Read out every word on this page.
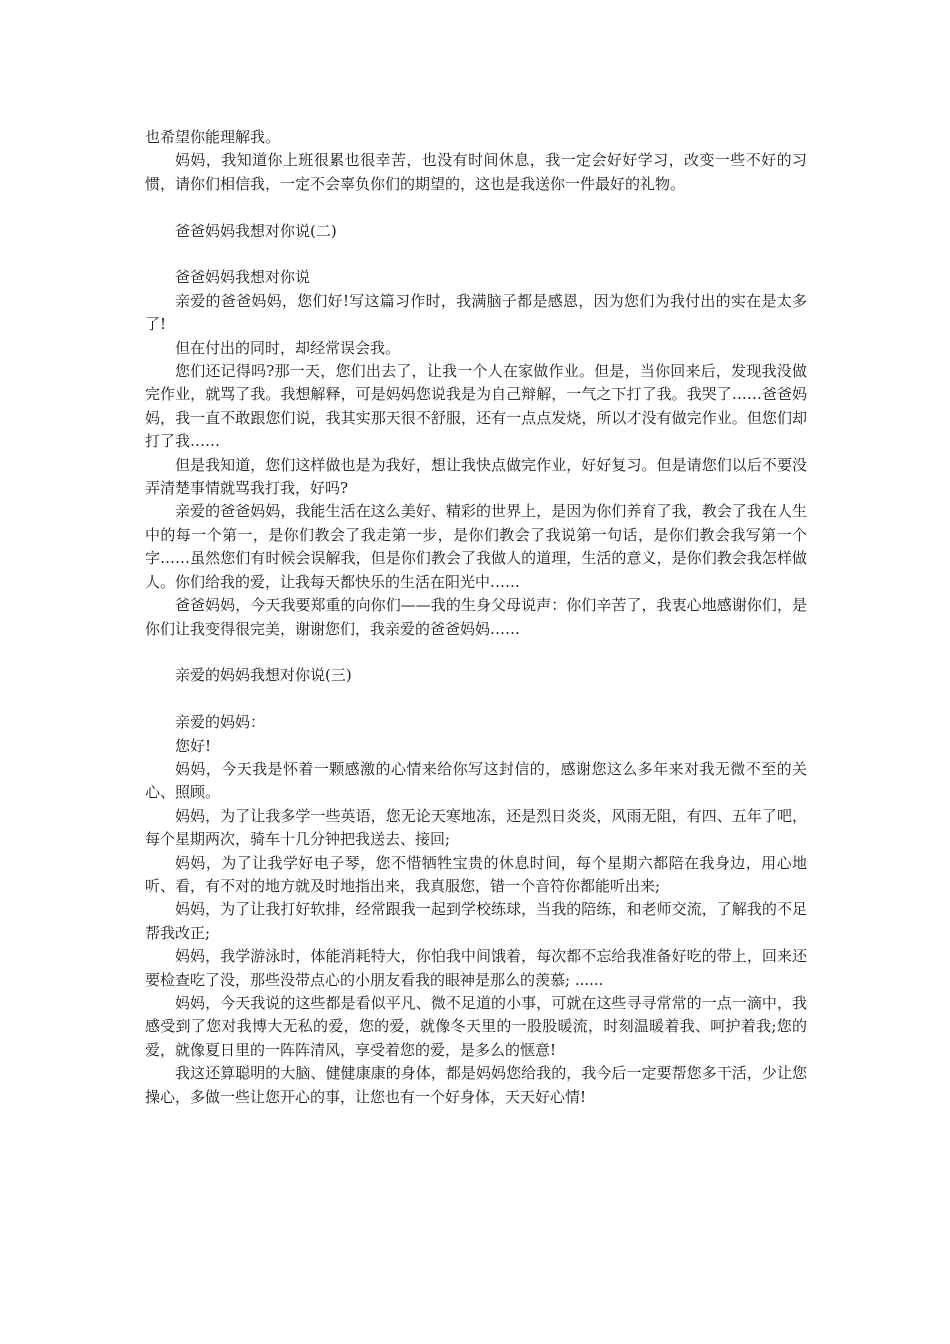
也希望你能理解我。

妈妈，我知道你上班很累也很幸苦，也没有时间休息，我一定会好好学习，改变一些不好的习惯，请你们相信我，一定不会辜负你们的期望的，这也是我送你一件最好的礼物。

爸爸妈妈我想对你说(二)

爸爸妈妈我想对你说

亲爱的爸爸妈妈，您们好!写这篇习作时，我满脑子都是感恩，因为您们为我付出的实在是太多了!

但在付出的同时，却经常误会我。

您们还记得吗?那一天，您们出去了，让我一个人在家做作业。但是，当你回来后，发现我没做完作业，就骂了我。我想解释，可是妈妈您说我是为自己辩解，一气之下打了我。我哭了……爸爸妈妈，我一直不敢跟您们说，我其实那天很不舒服，还有一点点发烧，所以才没有做完作业。但您们却打了我……

但是我知道，您们这样做也是为我好，想让我快点做完作业，好好复习。但是请您们以后不要没弄清楚事情就骂我打我，好吗?

亲爱的爸爸妈妈，我能生活在这么美好、精彩的世界上，是因为你们养育了我，教会了我在人生中的每一个第一，是你们教会了我走第一步，是你们教会了我说第一句话，是你们教会我写第一个字……虽然您们有时候会误解我，但是你们教会了我做人的道理，生活的意义，是你们教会我怎样做人。你们给我的爱，让我每天都快乐的生活在阳光中……

爸爸妈妈，今天我要郑重的向你们——我的生身父母说声：你们辛苦了，我衷心地感谢你们，是你们让我变得很完美，谢谢您们，我亲爱的爸爸妈妈……

亲爱的妈妈我想对你说(三)

亲爱的妈妈：

您好!

妈妈，今天我是怀着一颗感激的心情来给你写这封信的，感谢您这么多年来对我无微不至的关心、照顾。

妈妈，为了让我多学一些英语，您无论天寒地冻，还是烈日炎炎，风雨无阻，有四、五年了吧，每个星期两次，骑车十几分钟把我送去、接回;

妈妈，为了让我学好电子琴，您不惜牺牲宝贵的休息时间，每个星期六都陪在我身边，用心地听、看，有不对的地方就及时地指出来，我真服您，错一个音符你都能听出来;

妈妈，为了让我打好软排，经常跟我一起到学校练球，当我的陪练，和老师交流，了解我的不足帮我改正;

妈妈，我学游泳时，体能消耗特大，你怕我中间饿着，每次都不忘给我准备好吃的带上，回来还要检查吃了没，那些没带点心的小朋友看我的眼神是那么的羡慕; ......

妈妈，今天我说的这些都是看似平凡、微不足道的小事，可就在这些寻寻常常的一点一滴中，我感受到了您对我博大无私的爱，您的爱，就像冬天里的一股股暖流，时刻温暖着我、呵护着我;您的爱，就像夏日里的一阵阵清风，享受着您的爱，是多么的惬意!

我这还算聪明的大脑、健健康康的身体，都是妈妈您给我的，我今后一定要帮您多干活，少让您操心，多做一些让您开心的事，让您也有一个好身体，天天好心情!
